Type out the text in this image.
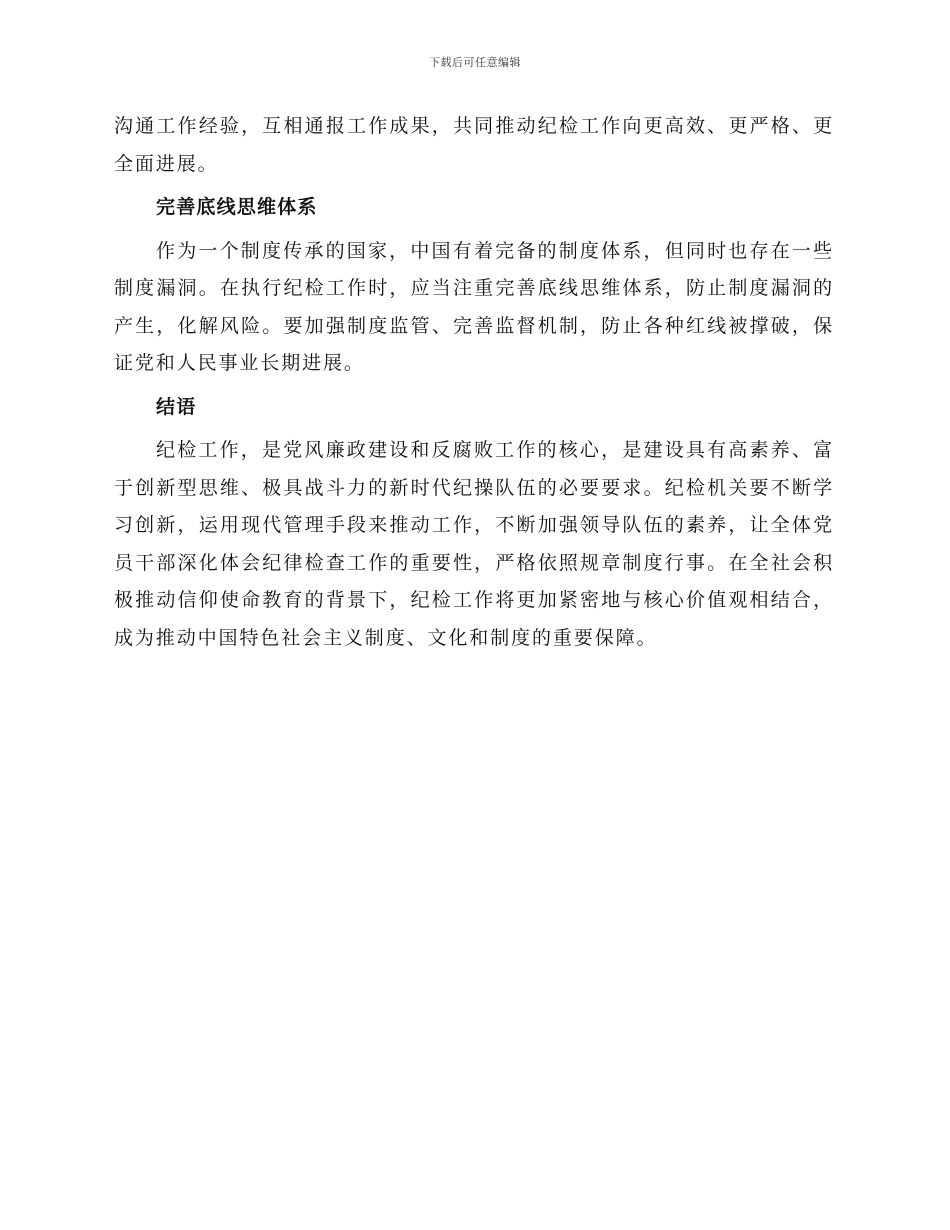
下载后可任意编辑

沟通工作经验，互相通报工作成果，共同推动纪检工作向更高效、更严格、更全面进展。

完善底线思维体系

作为一个制度传承的国家，中国有着完备的制度体系，但同时也存在一些制度漏洞。在执行纪检工作时，应当注重完善底线思维体系，防止制度漏洞的产生，化解风险。要加强制度监管、完善监督机制，防止各种红线被撑破，保证党和人民事业长期进展。

结语

纪检工作，是党风廉政建设和反腐败工作的核心，是建设具有高素养、富于创新型思维、极具战斗力的新时代纪操队伍的必要要求。纪检机关要不断学习创新，运用现代管理手段来推动工作，不断加强领导队伍的素养，让全体党员干部深化体会纪律检查工作的重要性，严格依照规章制度行事。在全社会积极推动信仰使命教育的背景下，纪检工作将更加紧密地与核心价值观相结合，成为推动中国特色社会主义制度、文化和制度的重要保障。
